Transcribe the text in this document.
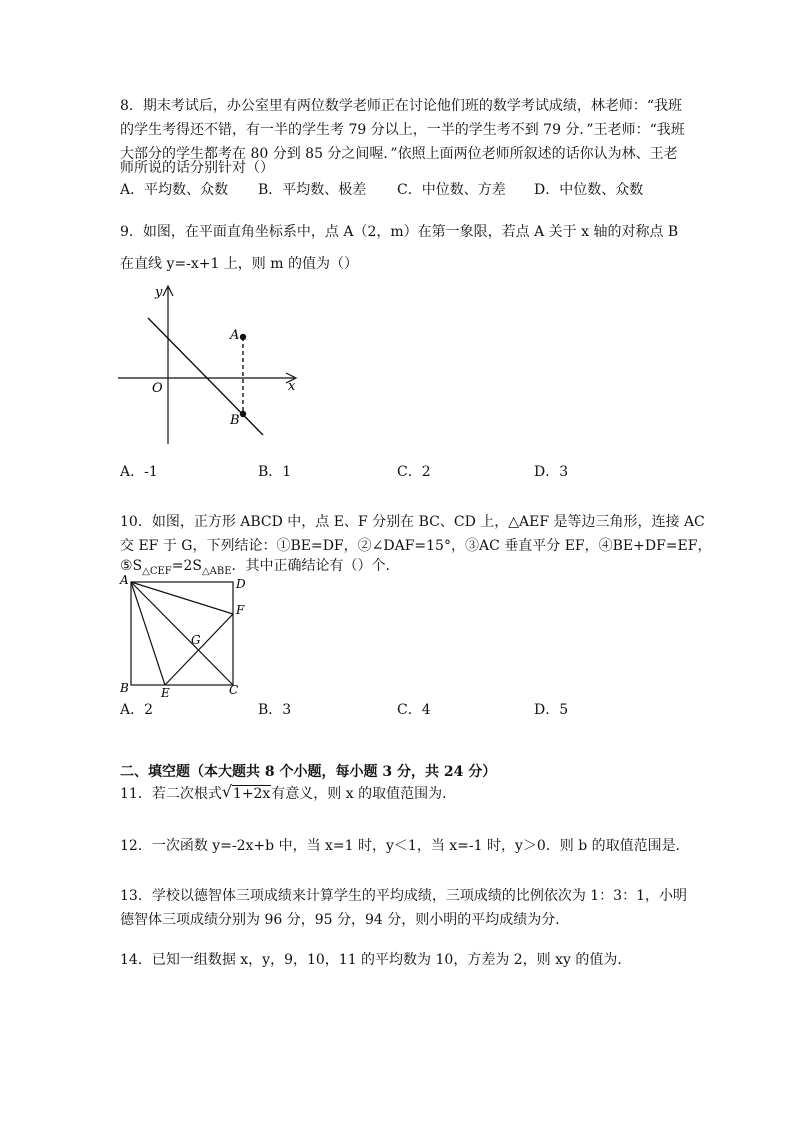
8．期末考试后，办公室里有两位数学老师正在讨论他们班的数学考试成绩，林老师：“我班
的学生考得还不错，有一半的学生考 79 分以上，一半的学生考不到 79 分．”王老师：“我班
大部分的学生都考在 80 分到 85 分之间喔．”依照上面两位老师所叙述的话你认为林、王老
师所说的话分别针对（）
A．平均数、众数 B．平均数、极差 C．中位数、方差 D．中位数、众数
9．如图，在平面直角坐标系中，点 A（2，m）在第一象限，若点 A 关于 x 轴的对称点 B
在直线 y=-x+1 上，则 m 的值为（）
y
x
O
A
B
A．-1	B．1	C．2	D．3
10．如图，正方形 ABCD 中，点 E、F 分别在 BC、CD 上，△AEF 是等边三角形，连接 AC
交 EF 于 G，下列结论：①BE=DF，②∠DAF=15°，③AC 垂直平分 EF，④BE+DF=EF，
$⑤S_{\triangle CEF}=2S_{\triangle ABE}$．其中正确结论有（）个．
A	D
F
G
B	E	C
A．2	B．3	C．4	D．5
二、填空题（本大题共 8 个小题，每小题 3 分，共 24 分）
11．若二次根式 √ 1+2x有意义，则 x 的取值范围为．
12．一次函数 y=-2x+b 中，当 x=1 时，y＜1，当 x=-1 时，y＞0．则 b 的取值范围是．
13．学校以德智体三项成绩来计算学生的平均成绩，三项成绩的比例依次为 1：3：1，小明
德智体三项成绩分别为 96 分，95 分，94 分，则小明的平均成绩为分．
14．已知一组数据 x，y，9，10，11 的平均数为 10，方差为 2，则 xy 的值为．
